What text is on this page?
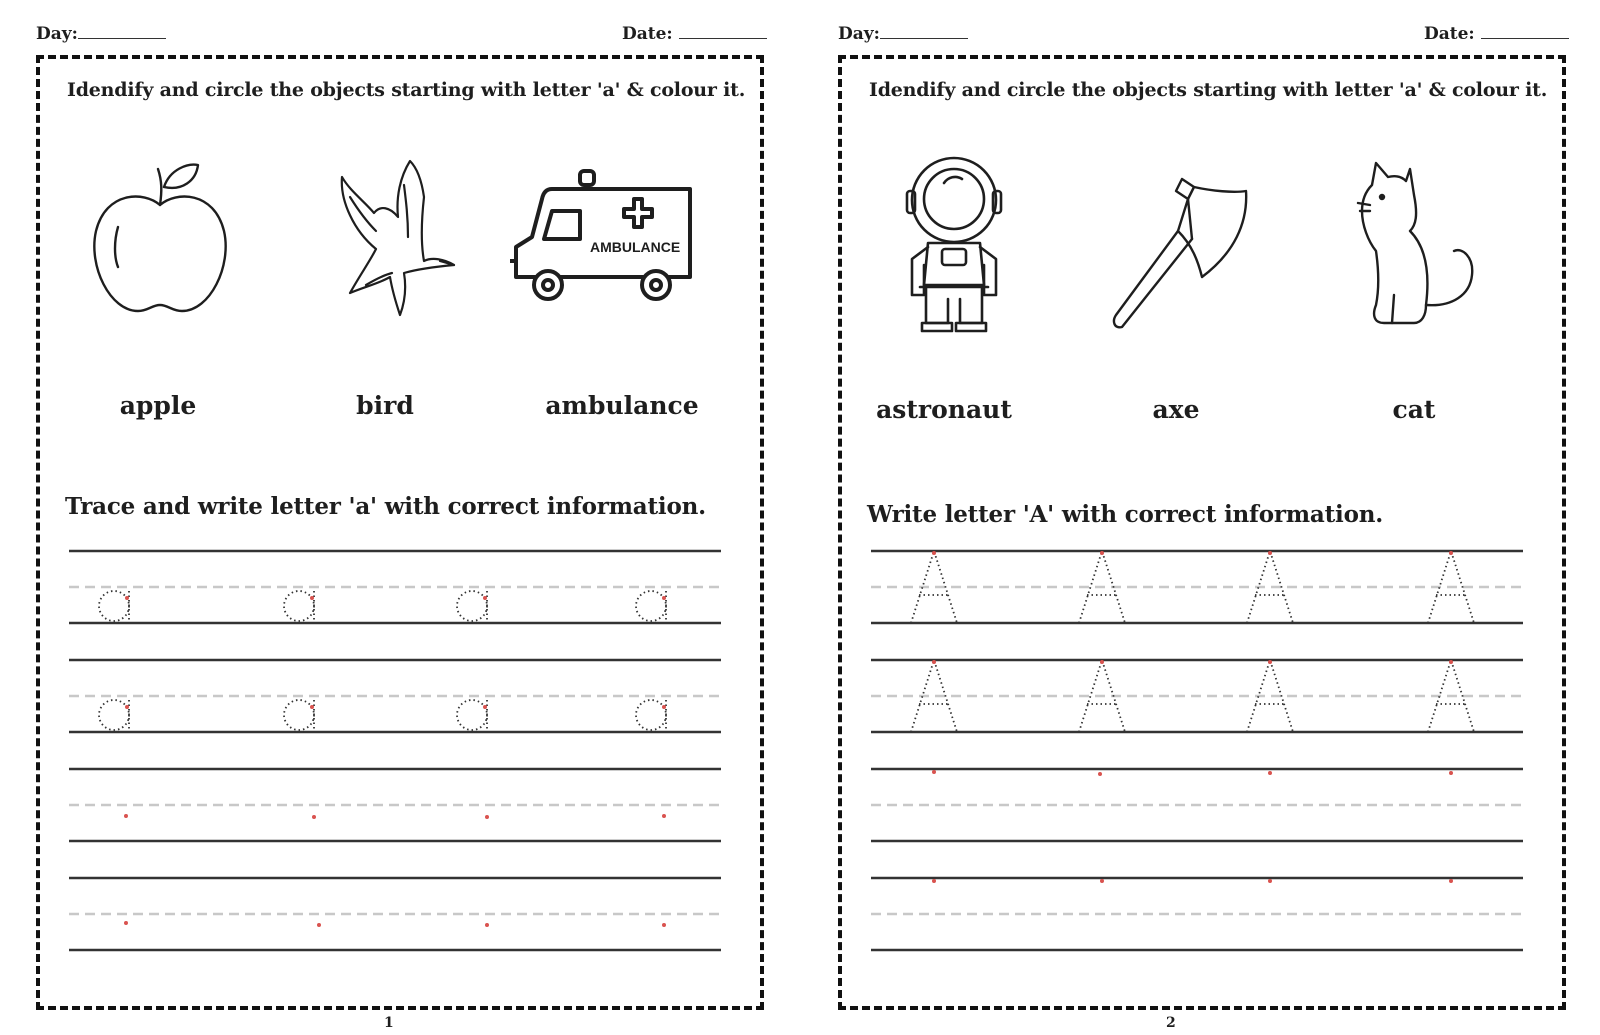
Day:	Date:
Idendify and circle the objects starting with letter 'a' & colour it.
AMBULANCE
apple	bird	ambulance
Trace and write letter 'a' with correct information.
1
Day:	Date:
Idendify and circle the objects starting with letter 'a' & colour it.
astronaut	axe	cat
Write letter 'A' with correct information.
2
